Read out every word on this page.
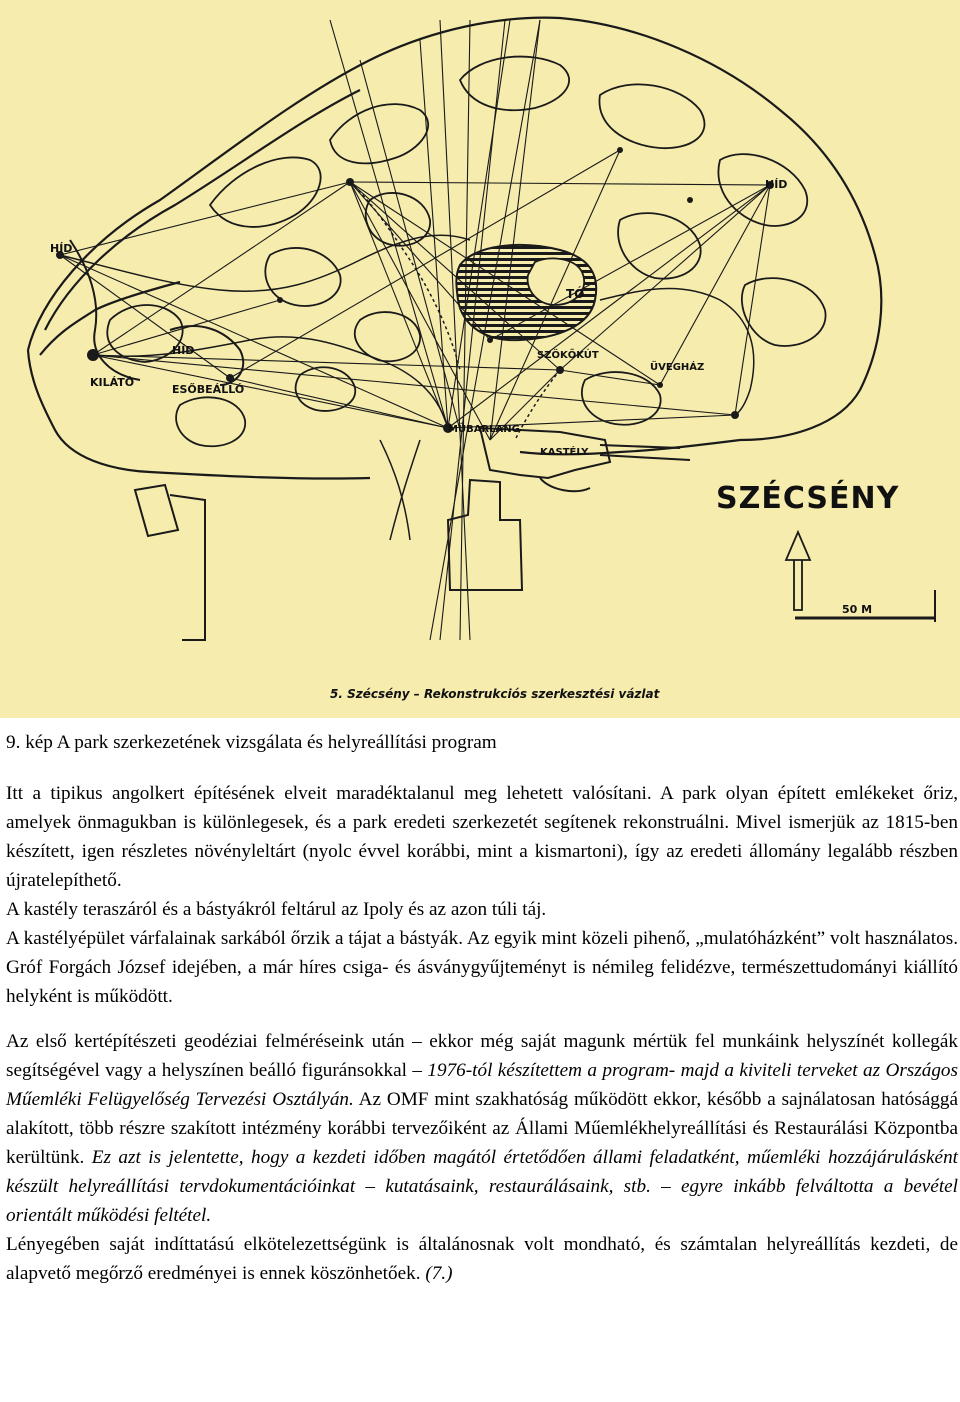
HÍD
HÍD
HÍD
KILÁTÓ
ESŐBEÁLLÓ
TÓ
SZÖKŐKÚT
ÜVEGHÁZ
MŰBARLANG
KASTÉLY
SZÉCSÉNY
50 M
5. Szécsény – Rekonstrukciós szerkesztési vázlat

9. kép A park szerkezetének vizsgálata és helyreállítási program

Itt a tipikus angolkert építésének elveit maradéktalanul meg lehetett valósítani. A park olyan épített emlékeket őriz, amelyek önmagukban is különlegesek, és a park eredeti szerkezetét segítenek rekonstruálni. Mivel ismerjük az 1815-ben készített, igen részletes növényleltárt (nyolc évvel korábbi, mint a kismartoni), így az eredeti állomány legalább részben újratelepíthető.

A kastély teraszáról és a bástyákról feltárul az Ipoly és az azon túli táj.

A kastélyépület várfalainak sarkából őrzik a tájat a bástyák. Az egyik mint közeli pihenő, „mulatóházként” volt használatos. Gróf Forgách József idejében, a már híres csiga- és ásványgyűjteményt is némileg felidézve, természettudományi kiállító helyként is működött.

Az első kertépítészeti geodéziai felméréseink után – ekkor még saját magunk mértük fel munkáink helyszínét kollegák segítségével vagy a helyszínen beálló figuránsokkal – 1976-tól készítettem a program- majd a kiviteli terveket az Országos Műemléki Felügyelőség Tervezési Osztályán. Az OMF mint szakhatóság működött ekkor, később a sajnálatosan hatósággá alakított, több részre szakított intézmény korábbi tervezőiként az Állami Műemlékhelyreállítási és Restaurálási Központba kerültünk. Ez azt is jelentette, hogy a kezdeti időben magától értetődően állami feladatként, műemléki hozzájárulásként készült helyreállítási tervdokumentációinkat – kutatásaink, restaurálásaink, stb. – egyre inkább felváltotta a bevétel orientált működési feltétel.

Lényegében saját indíttatású elkötelezettségünk is általánosnak volt mondható, és számtalan helyreállítás kezdeti, de alapvető megőrző eredményei is ennek köszönhetőek. (7.)
